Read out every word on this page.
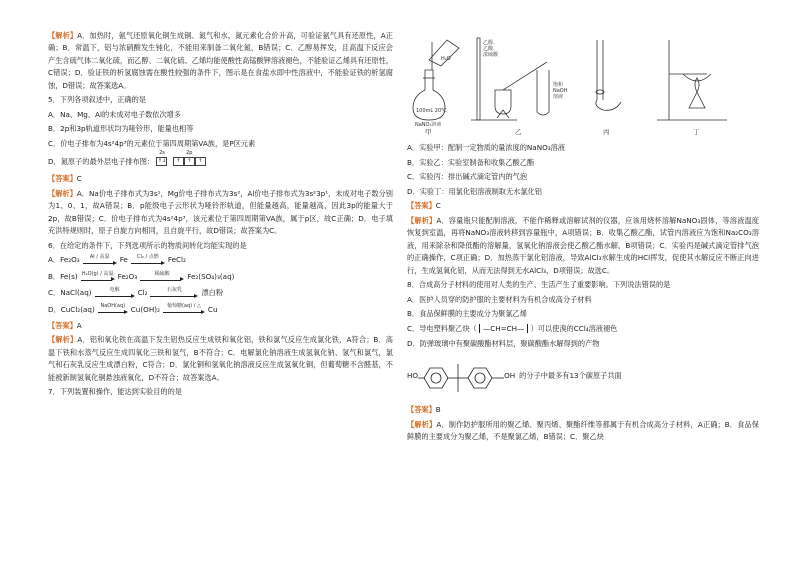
【解析】A．加热时，氨气还原氧化铜生成铜、氮气和水，氮元素化合价升高，可验证氨气具有还原性，A正确；B．常温下，铝与浓硝酸发生钝化，不能用来制备二氧化氮，B错误；C．乙醇易挥发，且高温下反应会产生含硫气体二氧化硫，而乙醇、二氧化硫、乙烯均能使酸性高锰酸钾溶液褪色，不能验证乙烯具有还原性，C错误；D．验证铁的析氢腐蚀需在酸性较强的条件下，图示是在食盐水即中性溶液中，不能验证铁的析氢腐蚀，D错误；故答案选A。

5．下列各项叙述中，正确的是

A．Na、Mg、Al的未成对电子数依次增多

B．2p和3p轨道形状均为哑铃形，能量也相等

C．价电子排布为4s²4p³的元素位于第四周期第VA族，是P区元素

D．氮原子的最外层电子排布图：
2s
↑↓
2p
↑ ↑ ↑

【答案】C

【解析】A．Na价电子排布式为3s¹，Mg价电子排布式为3s²，Al价电子排布式为3s²3p¹，未成对电子数分别为1、0、1，故A错误；B．p能级电子云形状为哑铃形轨道，但能量越高，能量越高，因此3p的能量大于2p，故B错误；C．价电子排布式为4s²4p³，该元素位于第四周期第VA族，属于p区，故C正确；D．电子填充洪特规则时，原子自旋方向相同，且自旋平行，故D错误；故答案为C。

6．在给定的条件下，下列选项所示的物质间转化均能实现的是

A．Fe₂O₃ Al / 高温 Fe Cl₂ / 点燃 FeCl₂
B．Fe(s) H₂O(g) / 高温 Fe₂O₃	稀硫酸 Fe₂(SO₄)₃(aq)
C．NaCl(aq)	电解	Cl₂	石灰乳	漂白粉
D．CuCl₂(aq) NaOH(aq) Cu(OH)₂ 葡萄糖(aq) / △ Cu

【答案】A

【解析】A．铝和氧化铁在高温下发生铝热反应生成铁和氧化铝，铁和氯气反应生成氯化铁，A符合；B．高温下铁和水蒸气反应生成四氧化三铁和氢气，B不符合；C．电解氯化钠溶液生成氢氧化钠、氢气和氯气，氯气和石灰乳反应生成漂白粉，C符合；D．氯化铜和氢氧化钠溶液反应生成氢氧化铜，但葡萄糖不含醛基，不能被新制氢氧化铜悬浊液氧化，D不符合；故答案选A。

7．下列装置和操作，能达到实验目的的是

100mL 20℃
乙醇、
乙酸、
浓硫酸
饱和
NaOH
溶液
H₂O
NaNO₃溶液
甲	乙	丙	丁

A．实验甲：配制一定物质的量浓度的NaNO₃溶液

B．实验乙：实验室制备和收集乙酸乙酯

C．实验丙：排出碱式滴定管内的气泡

D．实验丁：用氯化铝溶液制取无水氯化铝

【答案】C

【解析】A．容量瓶只能配制溶液，不能作稀释或溶解试剂的仪器，应该用烧杯溶解NaNO₃固体，等溶液温度恢复到室温，再将NaNO₃溶液转移到容量瓶中，A项错误；B．收集乙酸乙酯，试管内溶液应为饱和Na₂CO₃溶液，用来除杂和降低酯的溶解量，氢氧化钠溶液会使乙酸乙酯水解，B项错误；C．实验丙是碱式滴定管排气泡的正确操作，C项正确；D．加热蒸干氯化铝溶液，导致AlCl₃水解生成的HCl挥发，促使其水解反应不断正向进行，生成氢氧化铝，从而无法得到无水AlCl₃，D项错误；故选C。

8．合成高分子材料的使用对人类的生产、生活产生了重要影响。下列说法错误的是

A．医护人员穿的防护服的主要材料为有机合成高分子材料

B．食品保鲜膜的主要成分为聚氯乙烯

C．导电塑料聚乙炔（ —CH=CH— ）可以使溴的CCl₄溶液褪色

D．防弹玻璃中有聚碳酸酯材料层，聚碳酸酯水解得到的产物

HO	OH 的分子中最多有13个碳原子共面

【答案】B

【解析】A．制作防护服所用的聚乙烯、聚丙烯、聚酯纤维等都属于有机合成高分子材料，A正确；B．食品保鲜膜的主要成分为聚乙烯，不是聚氯乙烯，B错误；C．聚乙炔
